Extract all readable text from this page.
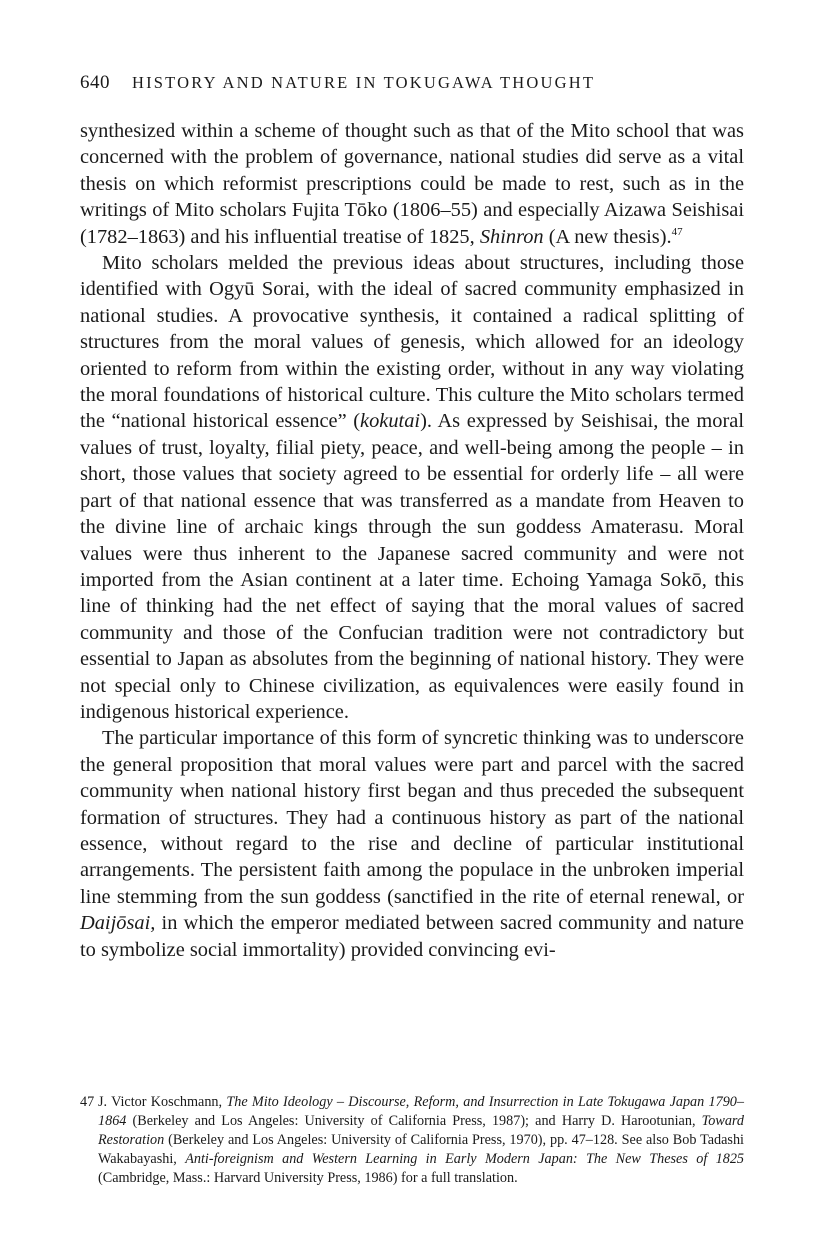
640 HISTORY AND NATURE IN TOKUGAWA THOUGHT

synthesized within a scheme of thought such as that of the Mito school that was concerned with the problem of governance, national studies did serve as a vital thesis on which reformist prescriptions could be made to rest, such as in the writings of Mito scholars Fujita Tōko (1806–55) and especially Aizawa Seishisai (1782–1863) and his influential treatise of 1825, Shinron (A new thesis).$^{47}$

Mito scholars melded the previous ideas about structures, including those identified with Ogyū Sorai, with the ideal of sacred community emphasized in national studies. A provocative synthesis, it contained a radical splitting of structures from the moral values of genesis, which allowed for an ideology oriented to reform from within the existing order, without in any way violating the moral foundations of historical culture. This culture the Mito scholars termed the “national historical essence” (kokutai). As expressed by Seishisai, the moral values of trust, loyalty, filial piety, peace, and well-being among the people – in short, those values that society agreed to be essential for orderly life – all were part of that national essence that was transferred as a mandate from Heaven to the divine line of archaic kings through the sun goddess Amaterasu. Moral values were thus inherent to the Japanese sacred community and were not imported from the Asian continent at a later time. Echoing Yamaga Sokō, this line of thinking had the net effect of saying that the moral values of sacred community and those of the Confucian tradition were not contradictory but essential to Japan as absolutes from the beginning of national history. They were not special only to Chinese civilization, as equivalences were easily found in indigenous historical experience.

The particular importance of this form of syncretic thinking was to underscore the general proposition that moral values were part and parcel with the sacred community when national history first began and thus preceded the subsequent formation of structures. They had a continuous history as part of the national essence, without regard to the rise and decline of particular institutional arrangements. The persistent faith among the populace in the unbroken imperial line stemming from the sun goddess (sanctified in the rite of eternal renewal, or Daijōsai, in which the emperor mediated between sacred community and nature to symbolize social immortality) provided convincing evi-

47 J. Victor Koschmann, The Mito Ideology – Discourse, Reform, and Insurrection in Late Tokugawa Japan 1790–1864 (Berkeley and Los Angeles: University of California Press, 1987); and Harry D. Harootunian, Toward Restoration (Berkeley and Los Angeles: University of California Press, 1970), pp. 47–128. See also Bob Tadashi Wakabayashi, Anti-foreignism and Western Learning in Early Modern Japan: The New Theses of 1825 (Cambridge, Mass.: Harvard University Press, 1986) for a full translation.
